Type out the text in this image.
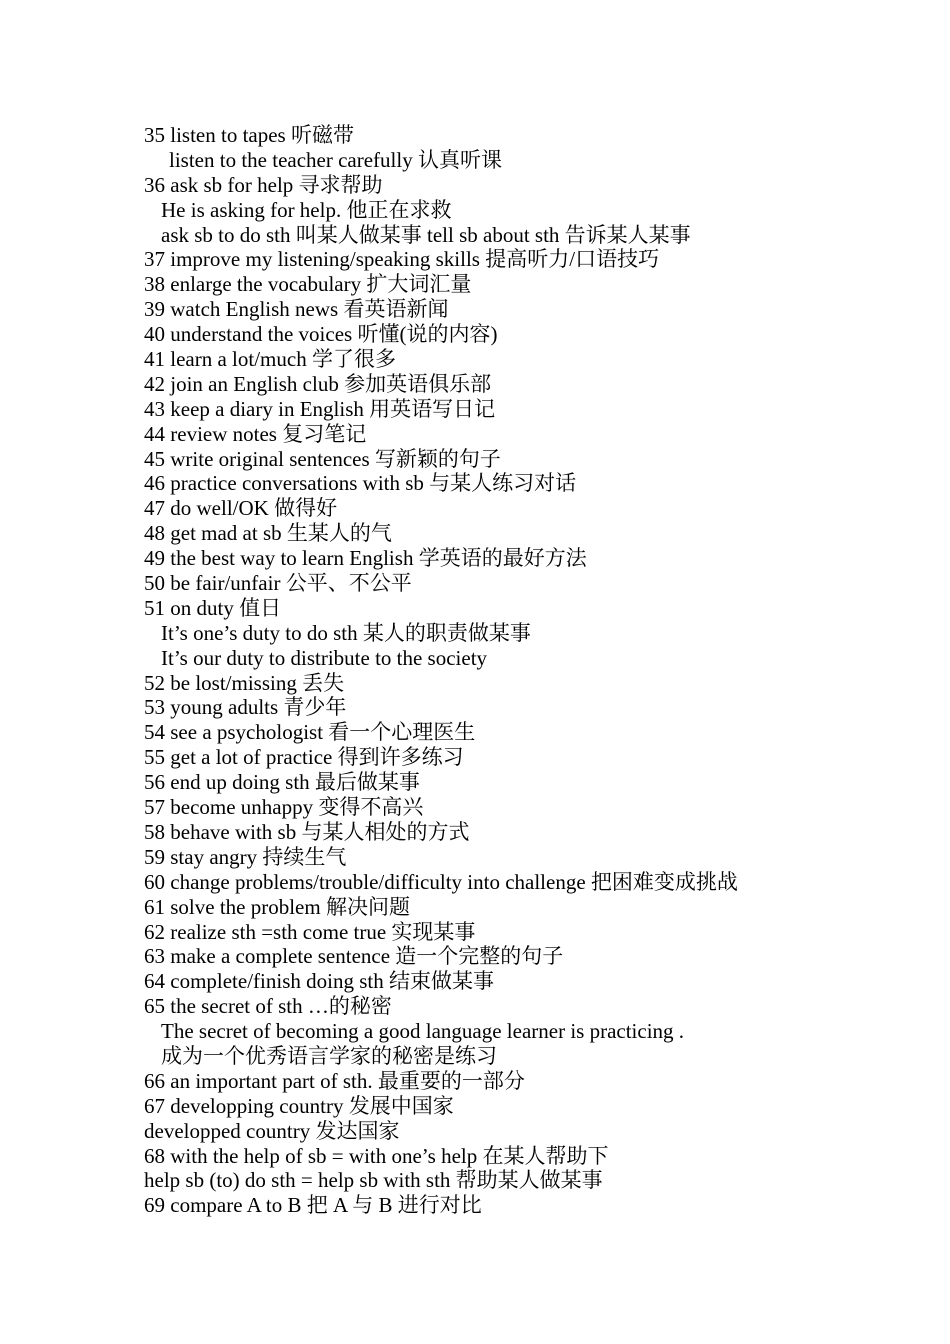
35 listen to tapes 听磁带
listen to the teacher carefully 认真听课
36 ask sb for help 寻求帮助
He is asking for help. 他正在求救
ask sb to do sth 叫某人做某事 tell sb about sth 告诉某人某事
37 improve my listening/speaking skills 提高听力/口语技巧
38 enlarge the vocabulary 扩大词汇量
39 watch English news 看英语新闻
40 understand the voices 听懂(说的内容)
41 learn a lot/much 学了很多
42 join an English club 参加英语俱乐部
43 keep a diary in English 用英语写日记
44 review notes 复习笔记
45 write original sentences 写新颖的句子
46 practice conversations with sb 与某人练习对话
47 do well/OK 做得好
48 get mad at sb 生某人的气
49 the best way to learn English 学英语的最好方法
50 be fair/unfair 公平、不公平
51 on duty 值日
It’s one’s duty to do sth 某人的职责做某事
It’s our duty to distribute to the society
52 be lost/missing 丢失
53 young adults 青少年
54 see a psychologist 看一个心理医生
55 get a lot of practice 得到许多练习
56 end up doing sth 最后做某事
57 become unhappy 变得不高兴
58 behave with sb 与某人相处的方式
59 stay angry 持续生气
60 change problems/trouble/difficulty into challenge 把困难变成挑战
61 solve the problem 解决问题
62 realize sth =sth come true 实现某事
63 make a complete sentence 造一个完整的句子
64 complete/finish doing sth 结束做某事
65 the secret of sth …的秘密
The secret of becoming a good language learner is practicing .
成为一个优秀语言学家的秘密是练习
66 an important part of sth. 最重要的一部分
67 developping country 发展中国家
developped country 发达国家
68 with the help of sb = with one’s help 在某人帮助下
help sb (to) do sth = help sb with sth 帮助某人做某事
69 compare A to B 把 A 与 B 进行对比
